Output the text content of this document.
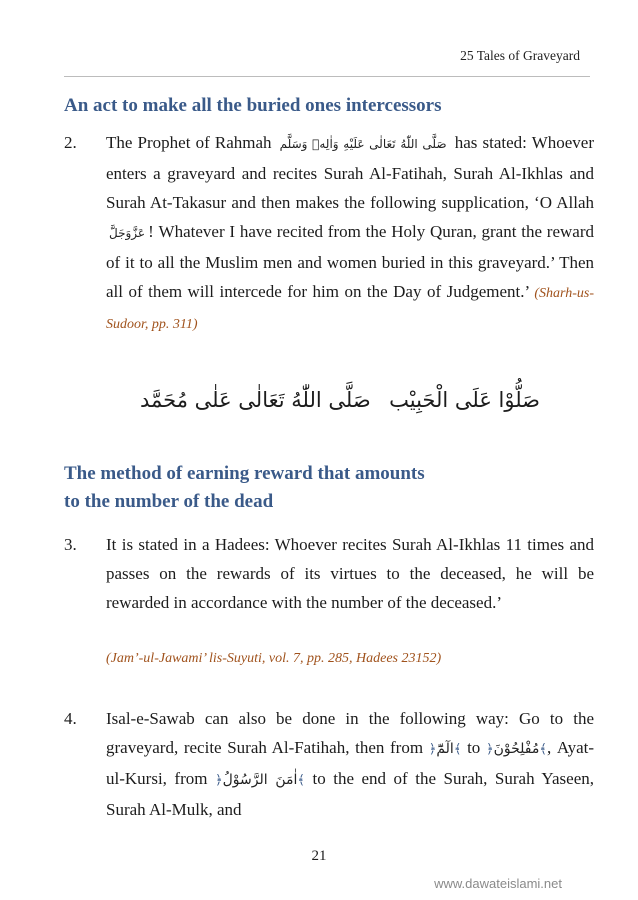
25 Tales of Graveyard
An act to make all the buried ones intercessors
2. The Prophet of Rahmah صَلَّى اللّٰهُ تَعَالٰى عَلَيْهِ وَاٰلِهٖ وَسَلَّم has stated: Whoever enters a graveyard and recites Surah Al-Fatihah, Surah Al-Ikhlas and Surah At-Takasur and then makes the following supplication, ‘O Allah عَزَّوَجَلَّ ! Whatever I have recited from the Holy Quran, grant the reward of it to all the Muslim men and women buried in this graveyard.’ Then all of them will intercede for him on the Day of Judgement.’ (Sharh-us-Sudoor, pp. 311)
صَلُّوْا عَلَى الْحَبِيْب
صَلَّى اللّٰهُ تَعَالٰى عَلٰى مُحَمَّد
The method of earning reward that amounts
to the number of the dead
3. It is stated in a Hadees: Whoever recites Surah Al-Ikhlas 11 times and passes on the rewards of its virtues to the deceased, he will be rewarded in accordance with the number of the deceased.’
(Jam’-ul-Jawami’ lis-Suyuti, vol. 7, pp. 285, Hadees 23152)
4. Isal-e-Sawab can also be done in the following way: Go to the graveyard, recite Surah Al-Fatihah, then from ﴿الٓمّٓ﴾ to ﴿مُفْلِحُوْنَ﴾, Ayat-ul-Kursi, from ﴿اٰمَنَ الرَّسُوْلُ﴾ to the end of the Surah, Surah Yaseen, Surah Al-Mulk, and
21
www.dawateislami.net
